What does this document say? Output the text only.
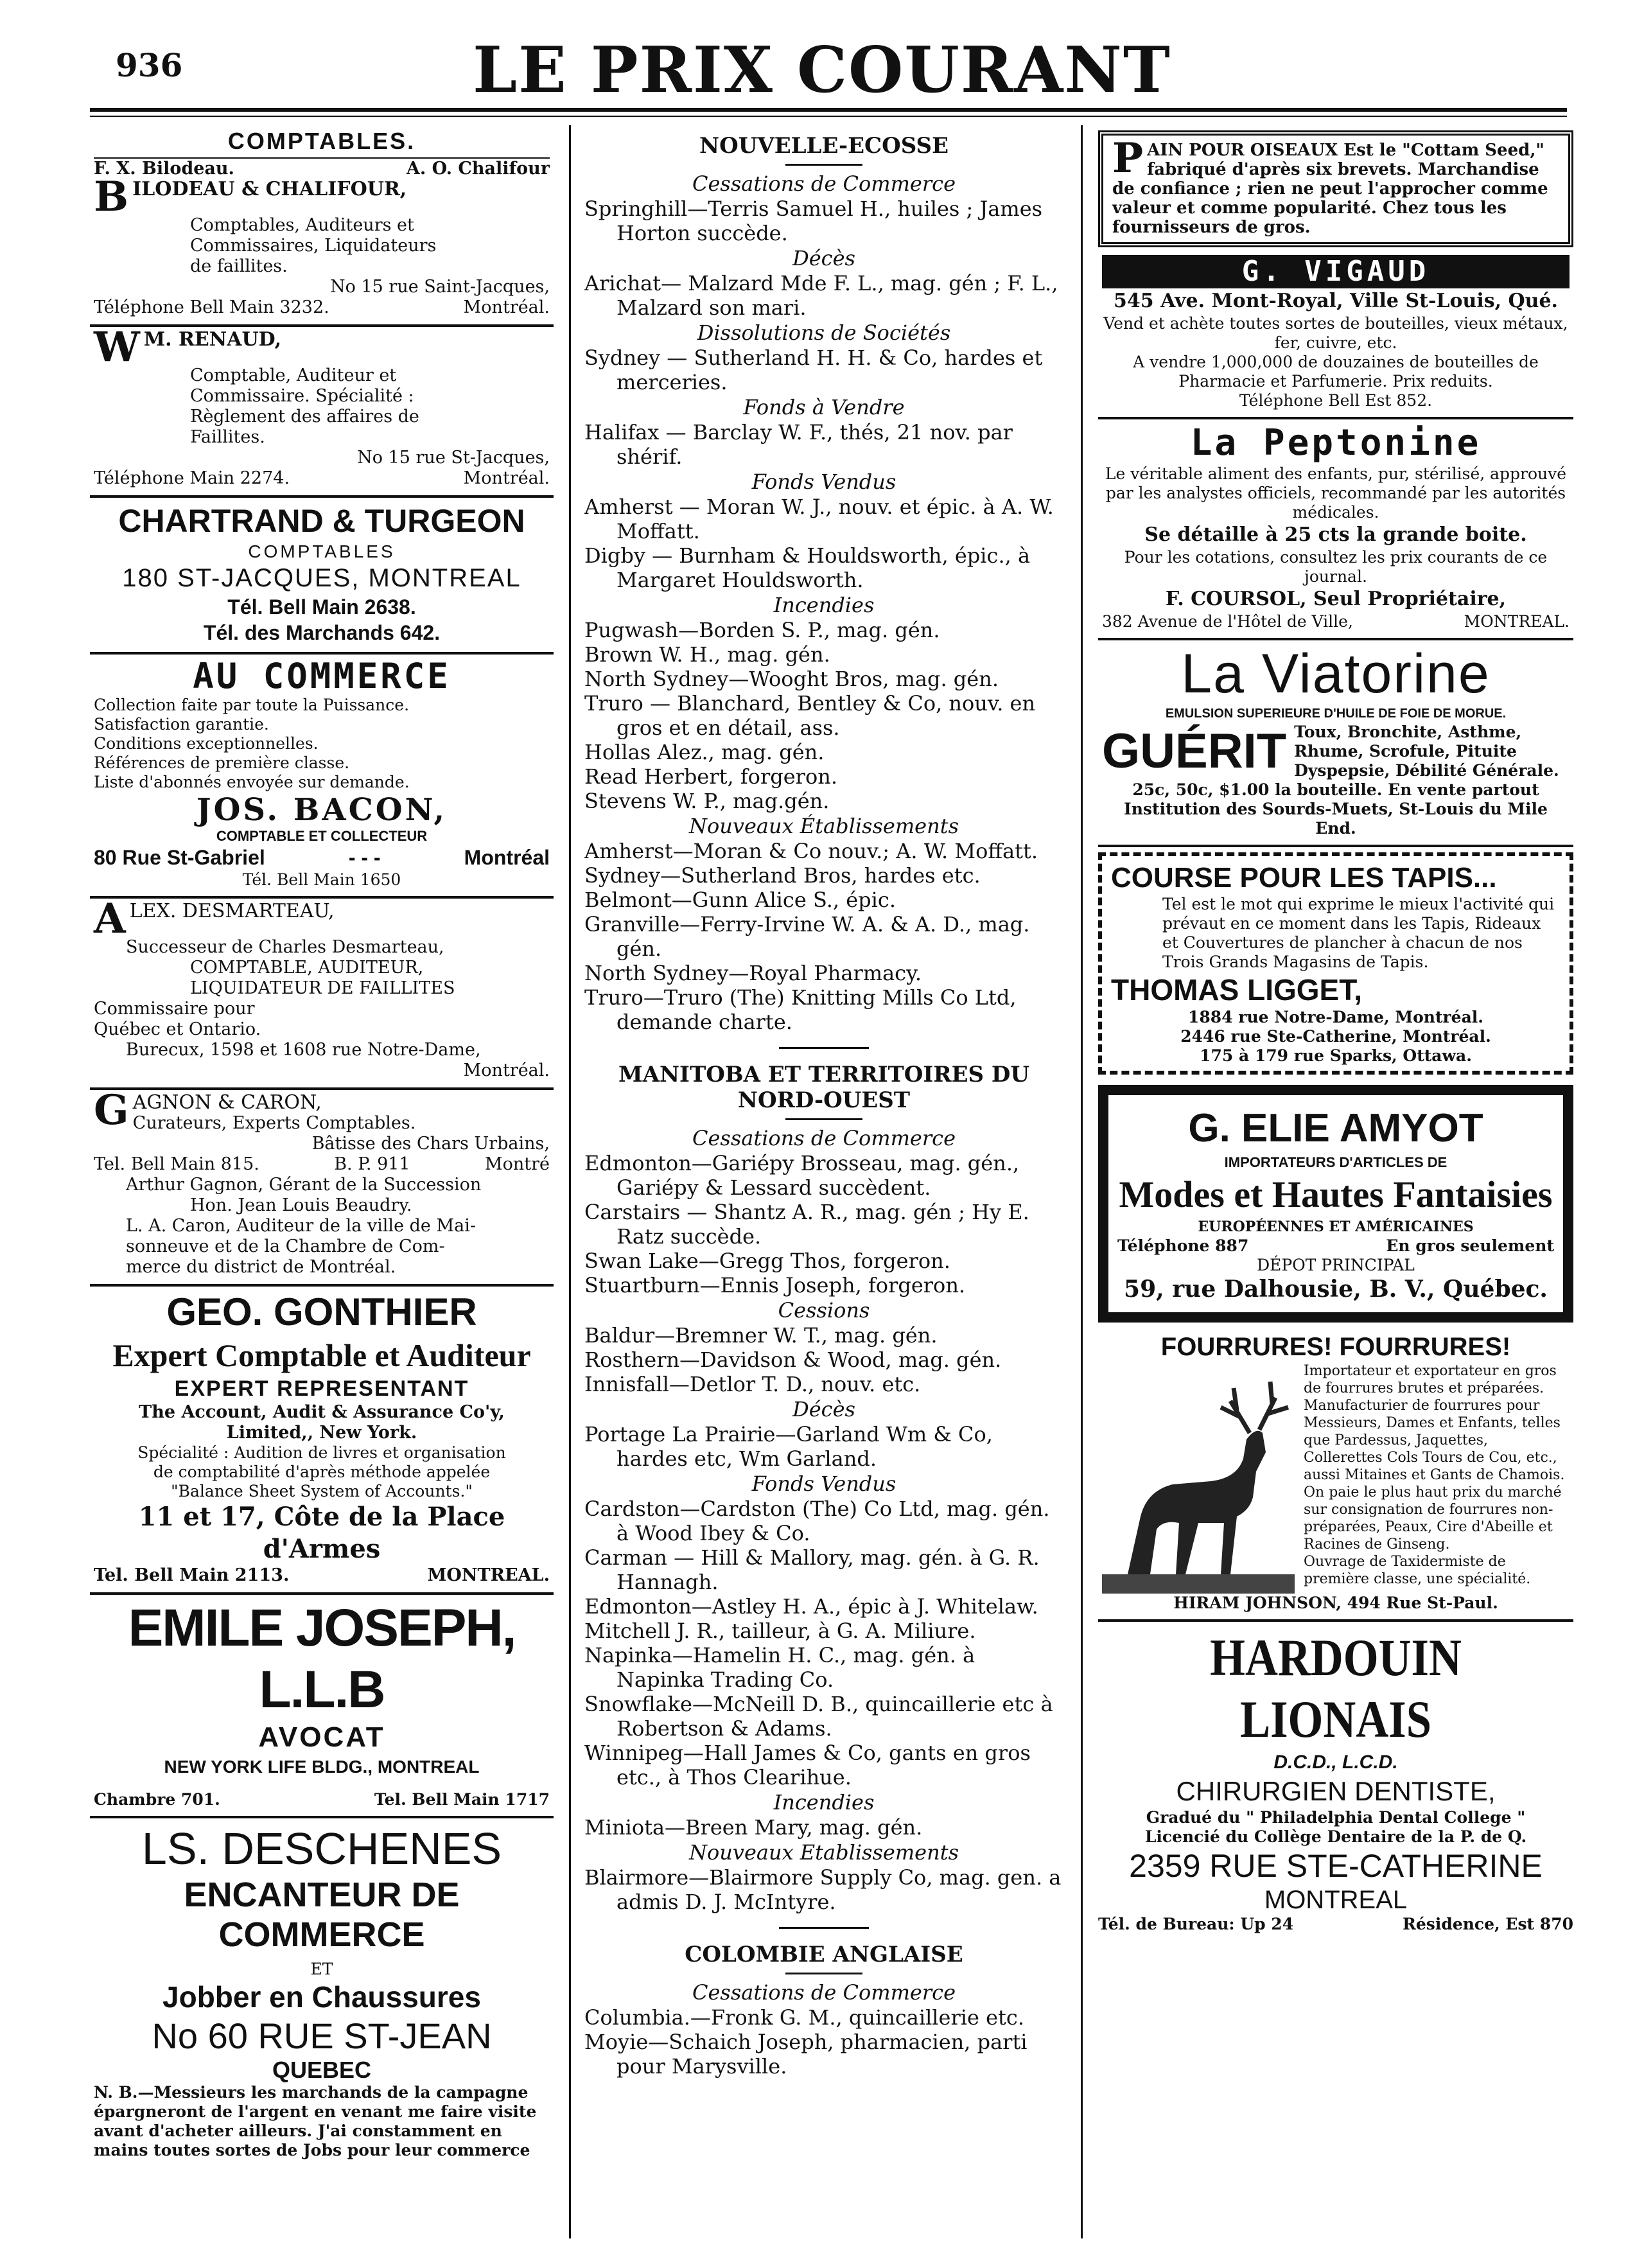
936	LE PRIX COURANT
COMPTABLES.
F. X. Bilodeau.	A. O. Chalifour
BILODEAU & CHALIFOUR,
Comptables, Auditeurs et
Commissaires, Liquidateurs
de faillites.
No 15 rue Saint-Jacques,
Téléphone Bell Main 3232.	Montréal.
W M. RENAUD,
Comptable, Auditeur et
Commissaire. Spécialité :
Règlement des affaires de
Faillites.
No 15 rue St-Jacques,
Téléphone Main 2274.	Montréal.
CHARTRAND & TURGEON
COMPTABLES
180 ST-JACQUES, MONTREAL
Tél. Bell Main 2638.
Tél. des Marchands 642.
AU COMMERCE
Collection faite par toute la Puissance.
Satisfaction garantie.
Conditions exceptionnelles.
Références de première classe.
Liste d'abonnés envoyée sur demande.
JOS. BACON,
COMPTABLE ET COLLECTEUR
80 Rue St-Gabriel	- - -	Montréal
Tél. Bell Main 1650
ALEX. DESMARTEAU,
Successeur de Charles Desmarteau,
COMPTABLE, AUDITEUR,
LIQUIDATEUR DE FAILLITES
Commissaire pour
Québec et Ontario.
Burecux, 1598 et 1608 rue Notre-Dame,
Montréal.
GAGNON & CARON,
Curateurs, Experts Comptables.
Bâtisse des Chars Urbains,
Tel. Bell Main 815.	B. P. 911	Montré
Arthur Gagnon, Gérant de la Succession
Hon. Jean Louis Beaudry.
L. A. Caron, Auditeur de la ville de Mai-
sonneuve et de la Chambre de Com-
merce du district de Montréal.
GEO. GONTHIER
Expert Comptable et Auditeur
EXPERT REPRESENTANT
The Account, Audit & Assurance Co'y,
Limited,, New York.
Spécialité : Audition de livres et organisation
de comptabilité d'après méthode appelée
"Balance Sheet System of Accounts."
11 et 17, Côte de la Place d'Armes
Tel. Bell Main 2113.	MONTREAL.
EMILE JOSEPH, L.L.B
AVOCAT
NEW YORK LIFE BLDG., MONTREAL
Chambre 701.	Tel. Bell Main 1717
LS. DESCHENES
ENCANTEUR DE COMMERCE
ET
Jobber en Chaussures
No 60 RUE ST-JEAN
QUEBEC
N. B.—Messieurs les marchands de la campagne
épargneront de l'argent en venant me faire visite
avant d'acheter ailleurs. J'ai constamment en
mains toutes sortes de Jobs pour leur commerce
NOUVELLE-ECOSSE
Cessations de Commerce
Springhill—Terris Samuel H., huiles ; James Horton succède.
Décès
Arichat— Malzard Mde F. L., mag. gén ; F. L., Malzard son mari.
Dissolutions de Sociétés
Sydney — Sutherland H. H. & Co, hardes et merceries.
Fonds à Vendre
Halifax — Barclay W. F., thés, 21 nov. par shérif.
Fonds Vendus
Amherst — Moran W. J., nouv. et épic. à A. W. Moffatt.
Digby — Burnham & Houldsworth, épic., à Margaret Houldsworth.
Incendies
Pugwash—Borden S. P., mag. gén.
Brown W. H., mag. gén.
North Sydney—Wooght Bros, mag. gén.
Truro — Blanchard, Bentley & Co, nouv. en gros et en détail, ass.
Hollas Alez., mag. gén.
Read Herbert, forgeron.
Stevens W. P., mag.gén.
Nouveaux Établissements
Amherst—Moran & Co nouv.; A. W. Moffatt.
Sydney—Sutherland Bros, hardes etc.
Belmont—Gunn Alice S., épic.
Granville—Ferry-Irvine W. A. & A. D., mag. gén.
North Sydney—Royal Pharmacy.
Truro—Truro (The) Knitting Mills Co Ltd, demande charte.
MANITOBA ET TERRITOIRES DU NORD-OUEST
Cessations de Commerce
Edmonton—Gariépy Brosseau, mag. gén., Gariépy & Lessard succèdent.
Carstairs — Shantz A. R., mag. gén ; Hy E. Ratz succède.
Swan Lake—Gregg Thos, forgeron.
Stuartburn—Ennis Joseph, forgeron.
Cessions
Baldur—Bremner W. T., mag. gén.
Rosthern—Davidson & Wood, mag. gén.
Innisfall—Detlor T. D., nouv. etc.
Décès
Portage La Prairie—Garland Wm & Co, hardes etc, Wm Garland.
Fonds Vendus
Cardston—Cardston (The) Co Ltd, mag. gén. à Wood Ibey & Co.
Carman — Hill & Mallory, mag. gén. à G. R. Hannagh.
Edmonton—Astley H. A., épic à J. Whitelaw.
Mitchell J. R., tailleur, à G. A. Miliure.
Napinka—Hamelin H. C., mag. gén. à Napinka Trading Co.
Snowflake—McNeill D. B., quincaillerie etc à Robertson & Adams.
Winnipeg—Hall James & Co, gants en gros etc., à Thos Clearihue.
Incendies
Miniota—Breen Mary, mag. gén.
Nouveaux Etablissements
Blairmore—Blairmore Supply Co, mag. gen. a admis D. J. McIntyre.
COLOMBIE ANGLAISE
Cessations de Commerce
Columbia.—Fronk G. M., quincaillerie etc.
Moyie—Schaich Joseph, pharmacien, parti pour Marysville.
PAIN POUR OISEAUX Est le "Cottam Seed," fabriqué d'après six brevets. Marchandise de confiance ; rien ne peut l'approcher comme valeur et comme popularité. Chez tous les fournisseurs de gros.
G. VIGAUD
545 Ave. Mont-Royal, Ville St-Louis, Qué.
Vend et achète toutes sortes de bouteilles, vieux métaux, fer, cuivre, etc.
A vendre 1,000,000 de douzaines de bouteilles de Pharmacie et Parfumerie. Prix reduits.
Téléphone Bell Est 852.
La Peptonine
Le véritable aliment des enfants, pur, stérilisé, approuvé par les analystes officiels, recommandé par les autorités médicales.
Se détaille à 25 cts la grande boite.
Pour les cotations, consultez les prix courants de ce journal.
F. COURSOL, Seul Propriétaire,
382 Avenue de l'Hôtel de Ville,	MONTREAL.
La Viatorine
EMULSION SUPERIEURE D'HUILE DE FOIE DE MORUE.
GUÉRIT Toux, Bronchite, Asthme,
Rhume, Scrofule, Pituite
Dyspepsie, Débilité Générale.
25c, 50c, $1.00 la bouteille. En vente partout
Institution des Sourds-Muets, St-Louis du Mile End.
COURSE POUR LES TAPIS...
Tel est le mot qui exprime le mieux l'activité qui prévaut en ce moment dans les Tapis, Rideaux et Couvertures de plancher à chacun de nos Trois Grands Magasins de Tapis.
THOMAS LIGGET,
1884 rue Notre-Dame, Montréal.
2446 rue Ste-Catherine, Montréal.
175 à 179 rue Sparks, Ottawa.
G. ELIE AMYOT
IMPORTATEURS D'ARTICLES DE
Modes et Hautes Fantaisies
EUROPÉENNES ET AMÉRICAINES
Téléphone 887	En gros seulement
DÉPOT PRINCIPAL
59, rue Dalhousie, B. V., Québec.
FOURRURES! FOURRURES!
Importateur et exportateur en gros de fourrures brutes et préparées. Manufacturier de fourrures pour Messieurs, Dames et Enfants, telles que Pardessus, Jaquettes, Collerettes Cols Tours de Cou, etc., aussi Mitaines et Gants de Chamois.
On paie le plus haut prix du marché sur consignation de fourrures non-préparées, Peaux, Cire d'Abeille et Racines de Ginseng.
Ouvrage de Taxidermiste de première classe, une spécialité.
HIRAM JOHNSON, 494 Rue St-Paul.
HARDOUIN LIONAIS
D.C.D., L.C.D.
CHIRURGIEN DENTISTE,
Gradué du " Philadelphia Dental College "
Licencié du Collège Dentaire de la P. de Q.
2359 RUE STE-CATHERINE
MONTREAL
Tél. de Bureau: Up 24	Résidence, Est 870
